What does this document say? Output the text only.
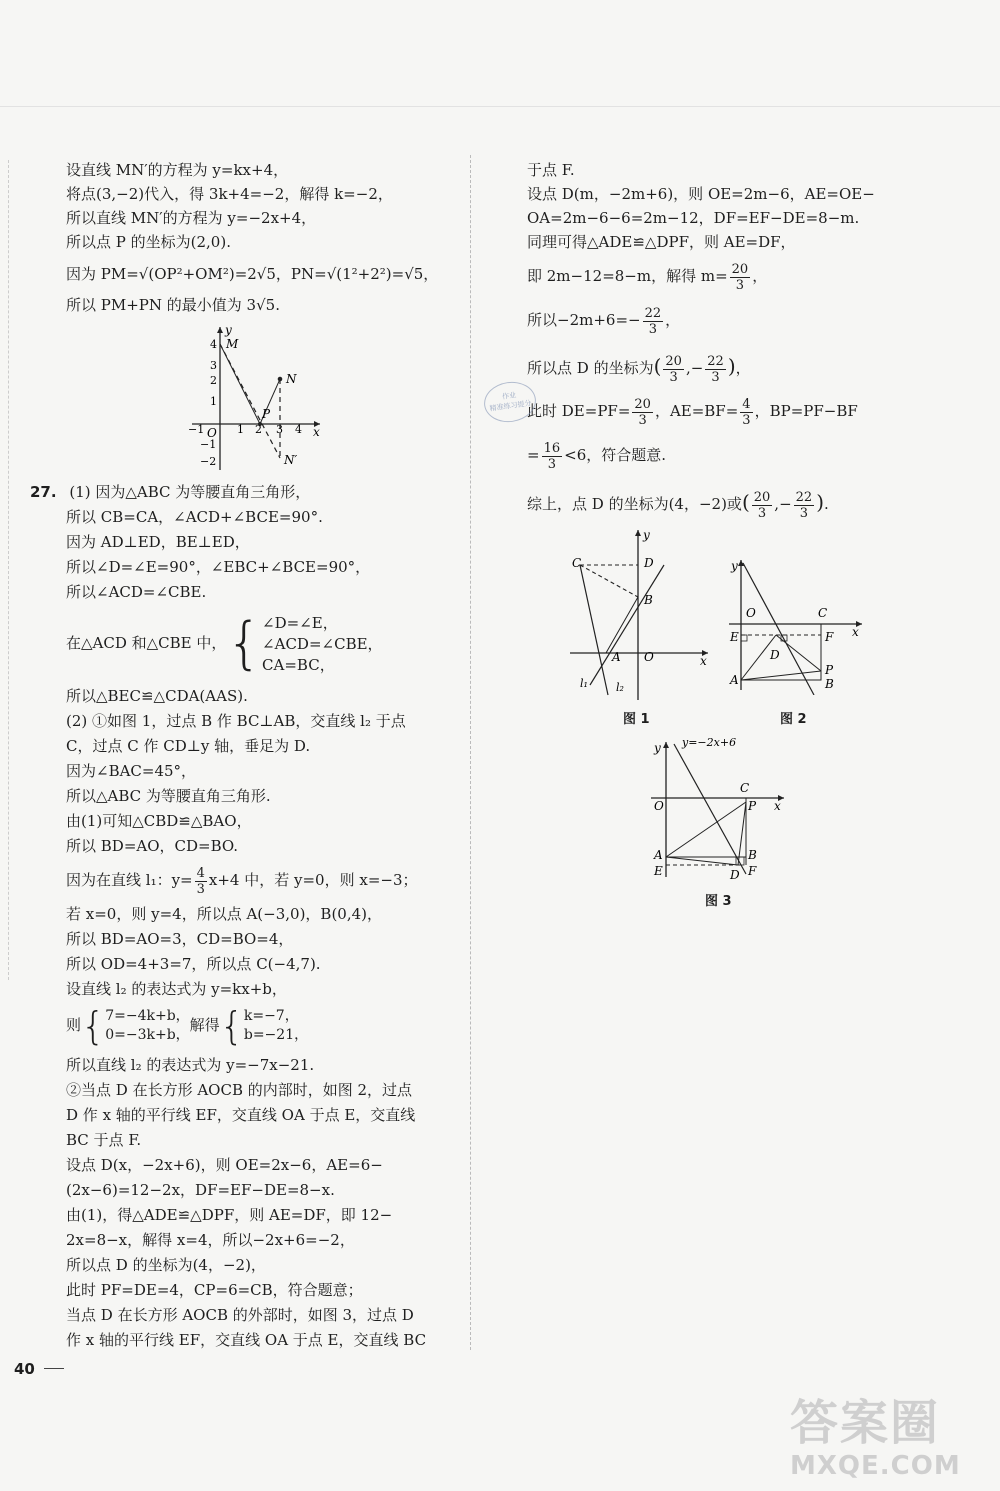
设直线 MN′的方程为 y=kx+4，
将点(3,−2)代入，得 3k+4=−2，解得 k=−2，
所以直线 MN′的方程为 y=−2x+4，
所以点 P 的坐标为(2,0).
因为 PM=√(OP²+OM²)=2√5，PN=√(1²+2²)=√5，
所以 PM+PN 的最小值为 3√5.
y
x
M
N
N′
P
O
4
3
2
1
−1
−2
−1	1 2 3 4
27. (1) 因为△ABC 为等腰直角三角形，
所以 CB=CA，∠ACD+∠BCE=90°.
因为 AD⊥ED，BE⊥ED，
所以∠D=∠E=90°，∠EBC+∠BCE=90°，
所以∠ACD=∠CBE.
在△ACD 和△CBE 中，{ ∠D=∠E，
∠ACD=∠CBE，
CA=BC，
所以△BEC≌△CDA(AAS).
(2) ①如图 1，过点 B 作 BC⊥AB，交直线 l₂ 于点
C，过点 C 作 CD⊥y 轴，垂足为 D.
因为∠BAC=45°，
所以△ABC 为等腰直角三角形.
由(1)可知△CBD≌△BAO，
所以 BD=AO，CD=BO.
因为在直线 l₁：$y= \frac{4}{3} x+4$ 中，若 y=0，则 x=−3；
若 x=0，则 y=4，所以点 A(−3,0)，B(0,4)，
所以 BD=AO=3，CD=BO=4，
所以 OD=4+3=7，所以点 C(−4,7).
设直线 l₂ 的表达式为 y=kx+b，
则{ 7=−4k+b，
0=−3k+b，
解得{ k=−7，
b=−21，
所以直线 l₂ 的表达式为 y=−7x−21.
②当点 D 在长方形 AOCB 的内部时，如图 2，过点
D 作 x 轴的平行线 EF，交直线 OA 于点 E，交直线
BC 于点 F.
设点 D(x，−2x+6)，则 OE=2x−6，AE=6−
(2x−6)=12−2x，DF=EF−DE=8−x.
由(1)，得△ADE≌△DPF，则 AE=DF，即 12−
2x=8−x，解得 x=4，所以−2x+6=−2，
所以点 D 的坐标为(4，−2)，
此时 PF=DE=4，CP=6=CB，符合题意；
当点 D 在长方形 AOCB 的外部时，如图 3，过点 D
作 x 轴的平行线 EF，交直线 OA 于点 E，交直线 BC
于点 F.
设点 D(m，−2m+6)，则 OE=2m−6，AE=OE−
OA=2m−6−6=2m−12，DF=EF−DE=8−m.
同理可得△ADE≌△DPF，则 AE=DF，
即 2m−12=8−m，解得 $m= \frac{20}{3}$ ，
所以$-2m+6=- \frac{22}{3}$ ，
所以点 D 的坐标为( $\frac{20}{3}$ ,− $\frac{22}{3}$ )，
此时 $DE=PF= \frac{20}{3}$ ，$AE=BF= \frac{4}{3}$ ，BP=PF−BF
= $\frac{16}{3} <6$，符合题意.
综上，点 D 的坐标为(4，−2)或( $\frac{20}{3}$ ,− $\frac{22}{3}$ ).
作业
精准练习提分
y
x
C	D
B
A O
l₁	l₂
图 1
y
x
O	C
E	F
D
P
A	B
图 2
y=−2x+6
y
x
O
C
P
A	B
E	D F
图 3
40
答案圈
MXQE.COM
